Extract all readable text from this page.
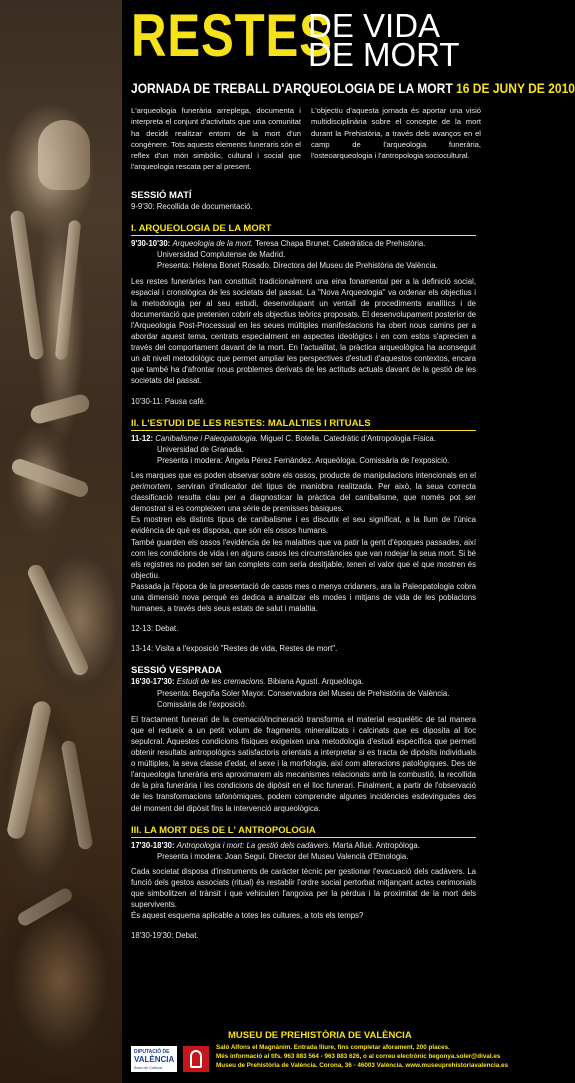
RESTES
DE VIDA
DE MORT
JORNADA DE TREBALL D'ARQUEOLOGIA DE LA MORT 16 DE JUNY DE 2010
L'arqueologia funerària arreplega, documenta i interpreta el conjunt d'activitats que una comunitat ha decidit realitzar entorn de la mort d'un congènere. Tots aquests elements funeraris són el reflex d'un món simbòlic, cultural i social que l'arqueologia rescata per al present.
L'objectiu d'aquesta jornada és aportar una visió multidisciplinària sobre el concepte de la mort durant la Prehistòria, a través dels avanços en el camp de l'arqueologia funerària, l'osteoarqueologia i l'antropologia sociocultural.
SESSIÓ MATÍ
9-9'30: Recollida de documentació.
I. ARQUEOLOGIA DE LA MORT
9'30-10'30: Arqueologia de la mort. Teresa Chapa Brunet. Catedràtica de Prehistòria.
Universidad Complutense de Madrid.
Presenta: Helena Bonet Rosado. Directora del Museu de Prehistòria de València.
Les restes funeràries han constituït tradicionalment una eina fonamental per a la definició social, espacial i cronològica de les societats del passat. La "Nova Arqueologia" va ordenar els objectius i la metodologia per al seu estudi, desenvolupant un ventall de procediments analítics i de documentació que pretenien cobrir els objectius teòrics proposats. El desenvolupament posterior de l'Arqueologia Post-Processual en les seues múltiples manifestacions ha obert nous camins per a abordar aquest tema, centrats especialment en aspectes ideològics i en com estos s'aprecien a través del comportament davant de la mort. En l'actualitat, la pràctica arqueològica ha aconseguit un alt nivell metodològic que permet ampliar les perspectives d'estudi d'aquestos contextos, encara que també ha d'afrontar nous problemes derivats de les actituds actuals davant de la gestió de les societats del passat.
10'30-11: Pausa cafè.
II. L'ESTUDI DE LES RESTES: MALALTIES I RITUALS
11-12: Canibalisme i Paleopatologia. Miguel C. Botella. Catedràtic d'Antropologia Física.
Universidad de Granada.
Presenta i modera: Àngela Pérez Fernández. Arqueòloga. Comissària de l'exposició.
Les marques que es poden observar sobre els ossos, producte de manipulacions intencionals en el perimortem, serviran d'indicador del tipus de maniobra realitzada. Per això, la seua correcta classificació resulta clau per a diagnosticar la pràctica del canibalisme, que només pot ser demostrat si es compleixen una sèrie de premisses bàsiques.
Es mostren els distints tipus de canibalisme i es discutix el seu significat, a la llum de l'única evidència de què es disposa, que són els ossos humans.
També guarden els ossos l'evidència de les malalties que va patir la gent d'èpoques passades, així com les condicions de vida i en alguns casos les circumstàncies que van rodejar la seua mort. Si bé els registres no poden ser tan complets com seria desitjable, tenen el valor que el que mostren és objectiu.
Passada ja l'època de la presentació de casos mes o menys cridaners, ara la Paleopatologia cobra una dimensió nova perquè es dedica a analitzar els modes i mitjans de vida de les poblacions humanes, a través dels seus estats de salut i malaltia.
12-13: Debat.
13-14: Visita a l'exposició "Restes de vida, Restes de mort".
SESSIÓ VESPRADA
16'30-17'30: Estudi de les cremacions. Bibiana Agustí. Arqueòloga.
Presenta: Begoña Soler Mayor. Conservadora del Museu de Prehistòria de València.
Comissària de l'exposició.
El tractament funerari de la cremació/incineració transforma el material esquelètic de tal manera que el redueix a un petit volum de fragments mineralitzats i calcinats que es diposita al lloc sepulcral. Aquestes condicions físiques exigeixen una metodologia d'estudi específica que permeti obtenir resultats antropològics satisfactoris orientats a interpretar si es tracta de dipòsits individuals o múltiples, la seva classe d'edat, el sexe i la morfologia, així com alteracions patològiques. Des de l'arqueologia funerària ens aproximarem als mecanismes relacionats amb la combustió, la recollida de la pira funerària i les condicions de dipòsit en el lloc funerari. Finalment, a partir de l'observació de les transformacions tafonòmiques, podem comprendre algunes incidències esdevingudes des del moment del dipòsit fins la intervenció arqueològica.
III. LA MORT DES DE L' ANTROPOLOGIA
17'30-18'30: Antropologia i mort: La gestió dels cadàvers. Marta Allué. Antropòloga.
Presenta i modera: Joan Seguí. Director del Museu Valencià d'Etnologia.
Cada societat disposa d'instruments de caràcter tècnic per gestionar l'evacuació dels cadàvers. La funció dels gestos associats (ritual) és restablir l'ordre social pertorbat mitjançant actes cerimonials que simbolitzen el trànsit i que vehiculen l'angoixa per la pèrdua i la proximitat de la mort dels supervivents.
És aquest esquema aplicable a totes les cultures, a tots els temps?
18'30-19'30: Debat.
MUSEU DE PREHISTÒRIA DE VALÈNCIA
DIPUTACIÓ DE
VALÈNCIA
Àrea de Cultura
Saló Alfons el Magnànim. Entrada lliure, fins completar aforament, 200 places.
Més informació al tlfs. 963 883 564 - 963 883 626, o al correu electrònic begonya.soler@dival.es
Museu de Prehistòria de València. Corona, 36 - 46003 València. www.museuprehistoriavalencia.es
